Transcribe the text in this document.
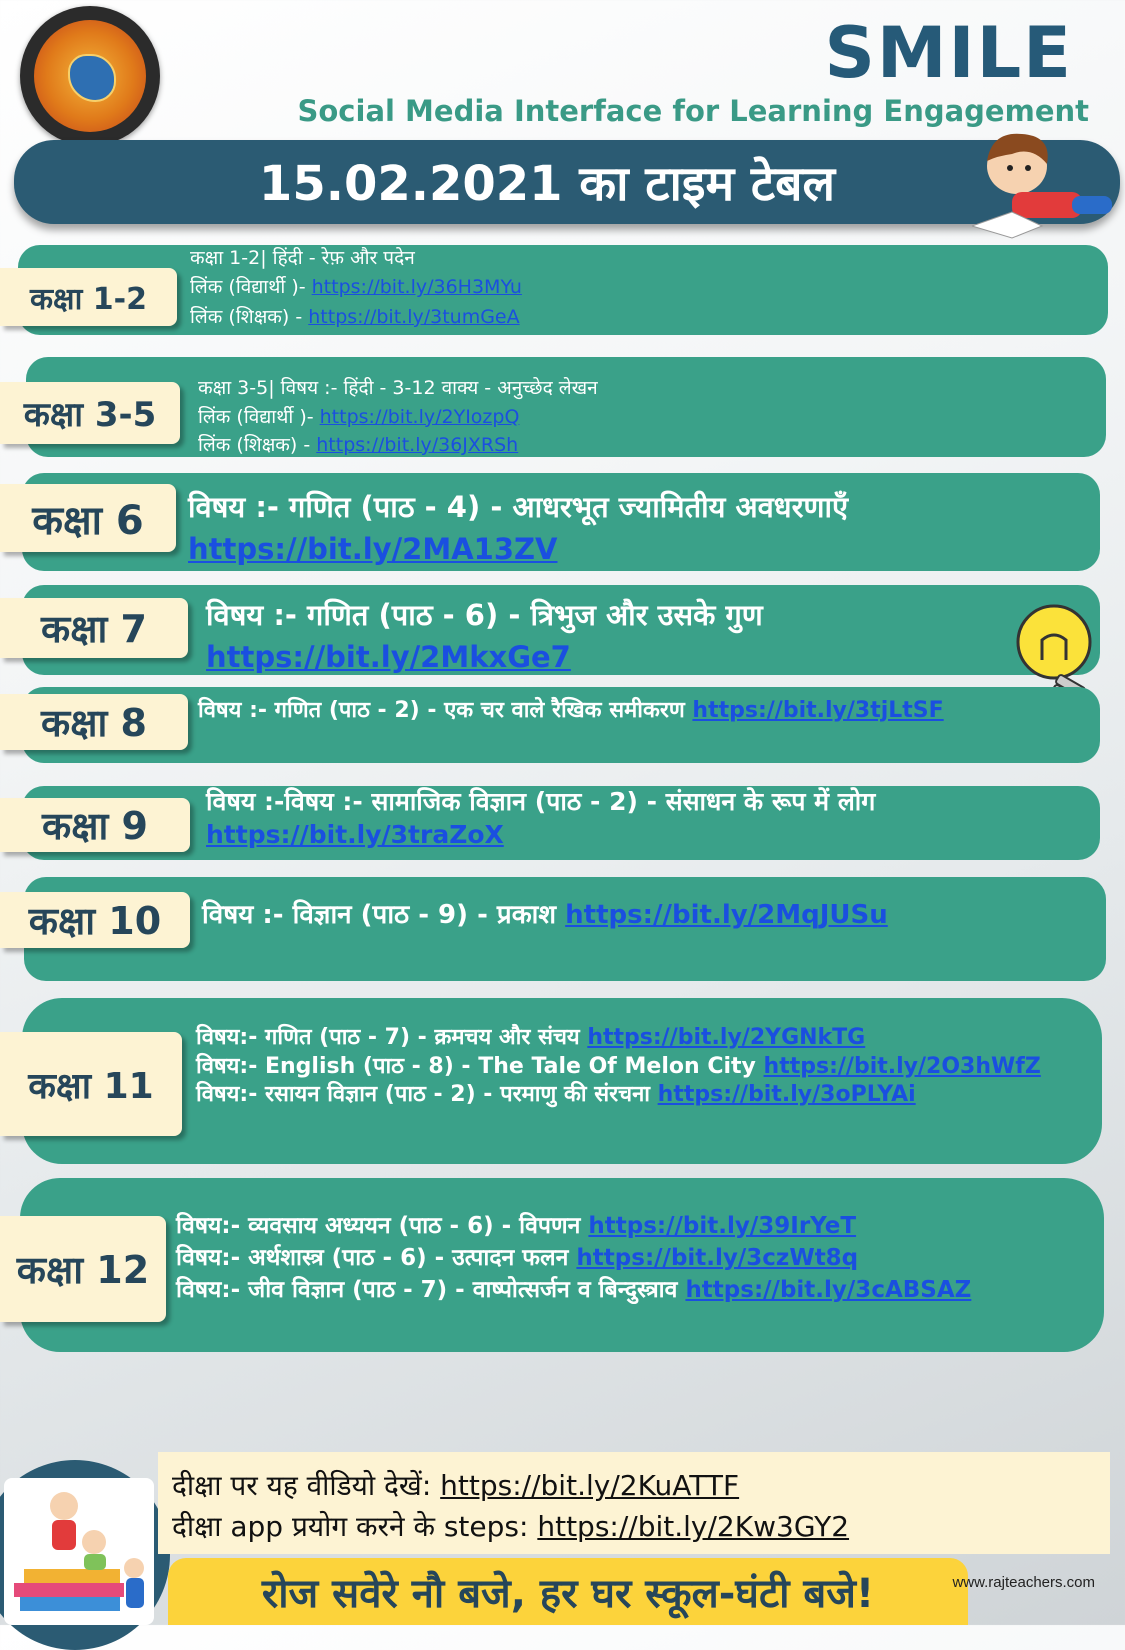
SMILE
Social Media Interface for Learning Engagement
15.02.2021 का टाइम टेबल
कक्षा 1-2
कक्षा 1-2| हिंदी - रेफ़ और पदेन
लिंक (विद्यार्थी )- https://bit.ly/36H3MYu
लिंक (शिक्षक) - https://bit.ly/3tumGeA
कक्षा 3-5
कक्षा 3-5| विषय :- हिंदी - 3-12 वाक्य - अनुच्छेद लेखन
लिंक (विद्यार्थी )- https://bit.ly/2YIozpQ
लिंक (शिक्षक) - https://bit.ly/36JXRSh
कक्षा 6	विषय :- गणित (पाठ - 4) - आधरभूत ज्यामितीय अवधरणाएँ
https://bit.ly/2MA13ZV
कक्षा 7	विषय :- गणित (पाठ - 6) - त्रिभुज और उसके गुण
https://bit.ly/2MkxGe7
कक्षा 8	विषय :- गणित (पाठ - 2) - एक चर वाले रैखिक समीकरण https://bit.ly/3tjLtSF
कक्षा 9
विषय :-विषय :- सामाजिक विज्ञान (पाठ - 2) - संसाधन के रूप में लोग
https://bit.ly/3traZoX
कक्षा 10	विषय :- विज्ञान (पाठ - 9) - प्रकाश https://bit.ly/2MqJUSu
कक्षा 11
विषय:- गणित (पाठ - 7) - क्रमचय और संचय https://bit.ly/2YGNkTG
विषय:- English (पाठ - 8) - The Tale Of Melon City https://bit.ly/2O3hWfZ
विषय:- रसायन विज्ञान (पाठ - 2) - परमाणु की संरचना https://bit.ly/3oPLYAi
कक्षा 12
विषय:- व्यवसाय अध्ययन (पाठ - 6) - विपणन https://bit.ly/39IrYeT
विषय:- अर्थशास्त्र (पाठ - 6) - उत्पादन फलन https://bit.ly/3czWt8q
विषय:- जीव विज्ञान (पाठ - 7) - वाष्पोत्सर्जन व बिन्दुस्त्राव https://bit.ly/3cABSAZ
दीक्षा पर यह वीडियो देखें: https://bit.ly/2KuATTF
दीक्षा app प्रयोग करने के steps: https://bit.ly/2Kw3GY2
रोज सवेरे नौ बजे, हर घर स्कूल-घंटी बजे!	www.rajteachers.com
